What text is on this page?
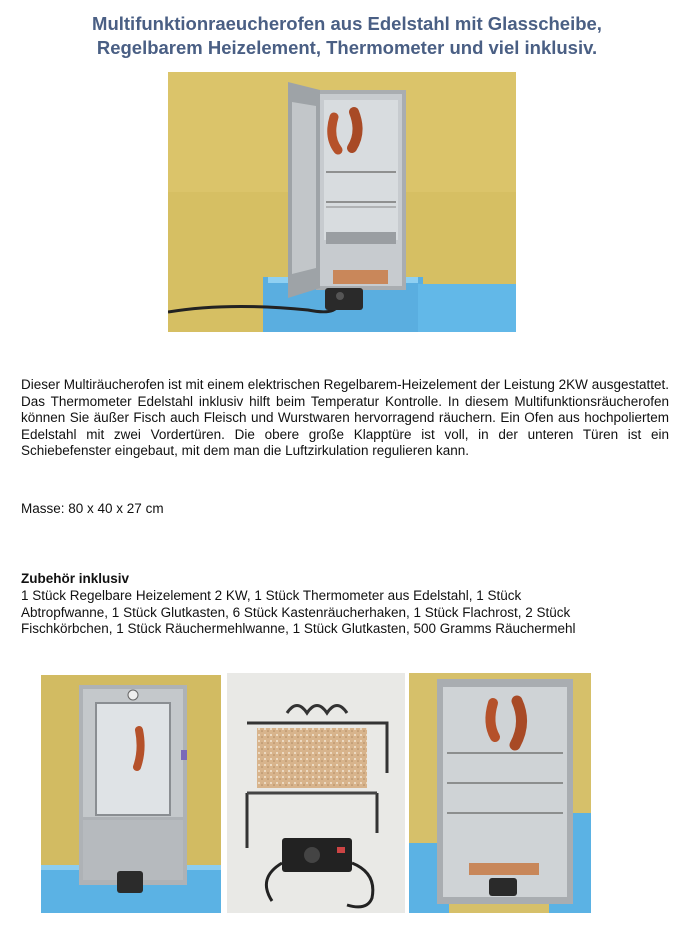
Multifunktionraeucherofen aus Edelstahl mit Glasscheibe,
Regelbarem Heizelement, Thermometer und viel inklusiv.
Dieser Multiräucherofen ist mit einem elektrischen Regelbarem-Heizelement der Leistung 2KW ausgestattet. Das Thermometer Edelstahl inklusiv hilft beim Temperatur Kontrolle. In diesem Multifunktionsräucherofen können Sie äußer Fisch auch Fleisch und Wurstwaren hervorragend räuchern. Ein Ofen aus hochpoliertem Edelstahl mit zwei Vordertüren. Die obere große Klapptüre ist voll, in der unteren Türen ist ein Schiebefenster eingebaut, mit dem man die Luftzirkulation regulieren kann.
Masse: 80 x 40 x 27 cm
Zubehör inklusiv
1 Stück Regelbare Heizelement 2 KW, 1 Stück Thermometer aus Edelstahl, 1 Stück
Abtropfwanne, 1 Stück Glutkasten, 6 Stück Kastenräucherhaken, 1 Stück Flachrost, 2 Stück
Fischkörbchen, 1 Stück Räuchermehlwanne, 1 Stück Glutkasten, 500 Gramms Räuchermehl
